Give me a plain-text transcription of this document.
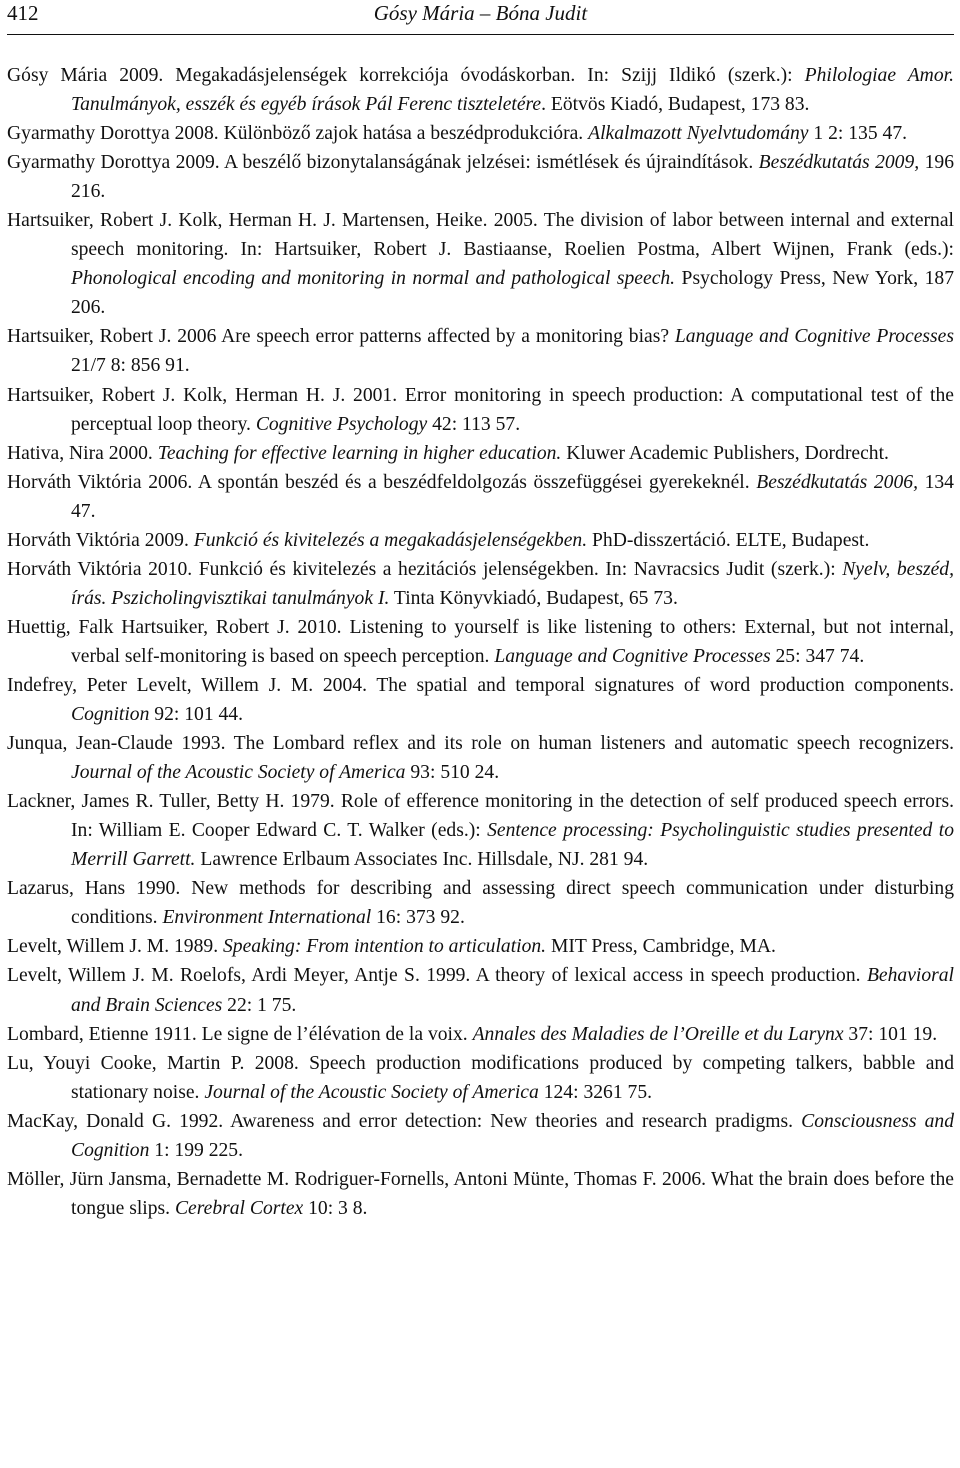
412	Gósy Mária – Bóna Judit

Gósy Mária 2009. Megakadásjelenségek korrekciója óvodáskorban. In: Szijj Ildikó (szerk.): Philologiae Amor. Tanulmányok, esszék és egyéb írások Pál Ferenc tiszteletére. Eötvös Kiadó, Budapest, 173 83.

Gyarmathy Dorottya 2008. Különböző zajok hatása a beszédprodukcióra. Alkalmazott Nyelvtudomány 1 2: 135 47.

Gyarmathy Dorottya 2009. A beszélő bizonytalanságának jelzései: ismétlések és újraindítások. Beszédkutatás 2009, 196 216.

Hartsuiker, Robert J. Kolk, Herman H. J. Martensen, Heike. 2005. The division of labor between internal and external speech monitoring. In: Hartsuiker, Robert J. Bastiaanse, Roelien Postma, Albert Wijnen, Frank (eds.): Phonological encoding and monitoring in normal and pathological speech. Psychology Press, New York, 187 206.

Hartsuiker, Robert J. 2006 Are speech error patterns affected by a monitoring bias? Language and Cognitive Processes 21/7 8: 856 91.

Hartsuiker, Robert J. Kolk, Herman H. J. 2001. Error monitoring in speech production: A computational test of the perceptual loop theory. Cognitive Psychology 42: 113 57.

Hativa, Nira 2000. Teaching for effective learning in higher education. Kluwer Academic Publishers, Dordrecht.

Horváth Viktória 2006. A spontán beszéd és a beszédfeldolgozás összefüggései gyerekeknél. Beszédkutatás 2006, 134 47.

Horváth Viktória 2009. Funkció és kivitelezés a megakadásjelenségekben. PhD-disszertáció. ELTE, Budapest.

Horváth Viktória 2010. Funkció és kivitelezés a hezitációs jelenségekben. In: Navracsics Judit (szerk.): Nyelv, beszéd, írás. Pszicholingvisztikai tanulmányok I. Tinta Könyvkiadó, Budapest, 65 73.

Huettig, Falk Hartsuiker, Robert J. 2010. Listening to yourself is like listening to others: External, but not internal, verbal self-monitoring is based on speech perception. Language and Cognitive Processes 25: 347 74.

Indefrey, Peter Levelt, Willem J. M. 2004. The spatial and temporal signatures of word production components. Cognition 92: 101 44.

Junqua, Jean-Claude 1993. The Lombard reflex and its role on human listeners and automatic speech recognizers. Journal of the Acoustic Society of America 93: 510 24.

Lackner, James R. Tuller, Betty H. 1979. Role of efference monitoring in the detection of self produced speech errors. In: William E. Cooper Edward C. T. Walker (eds.): Sentence processing: Psycholinguistic studies presented to Merrill Garrett. Lawrence Erlbaum Associates Inc. Hillsdale, NJ. 281 94.

Lazarus, Hans 1990. New methods for describing and assessing direct speech communication under disturbing conditions. Environment International 16: 373 92.

Levelt, Willem J. M. 1989. Speaking: From intention to articulation. MIT Press, Cambridge, MA.

Levelt, Willem J. M. Roelofs, Ardi Meyer, Antje S. 1999. A theory of lexical access in speech production. Behavioral and Brain Sciences 22: 1 75.

Lombard, Etienne 1911. Le signe de l’élévation de la voix. Annales des Maladies de l’Oreille et du Larynx 37: 101 19.

Lu, Youyi Cooke, Martin P. 2008. Speech production modifications produced by competing talkers, babble and stationary noise. Journal of the Acoustic Society of America 124: 3261 75.

MacKay, Donald G. 1992. Awareness and error detection: New theories and research pradigms. Consciousness and Cognition 1: 199 225.

Möller, Jürn Jansma, Bernadette M. Rodriguer-Fornells, Antoni Münte, Thomas F. 2006. What the brain does before the tongue slips. Cerebral Cortex 10: 3 8.
